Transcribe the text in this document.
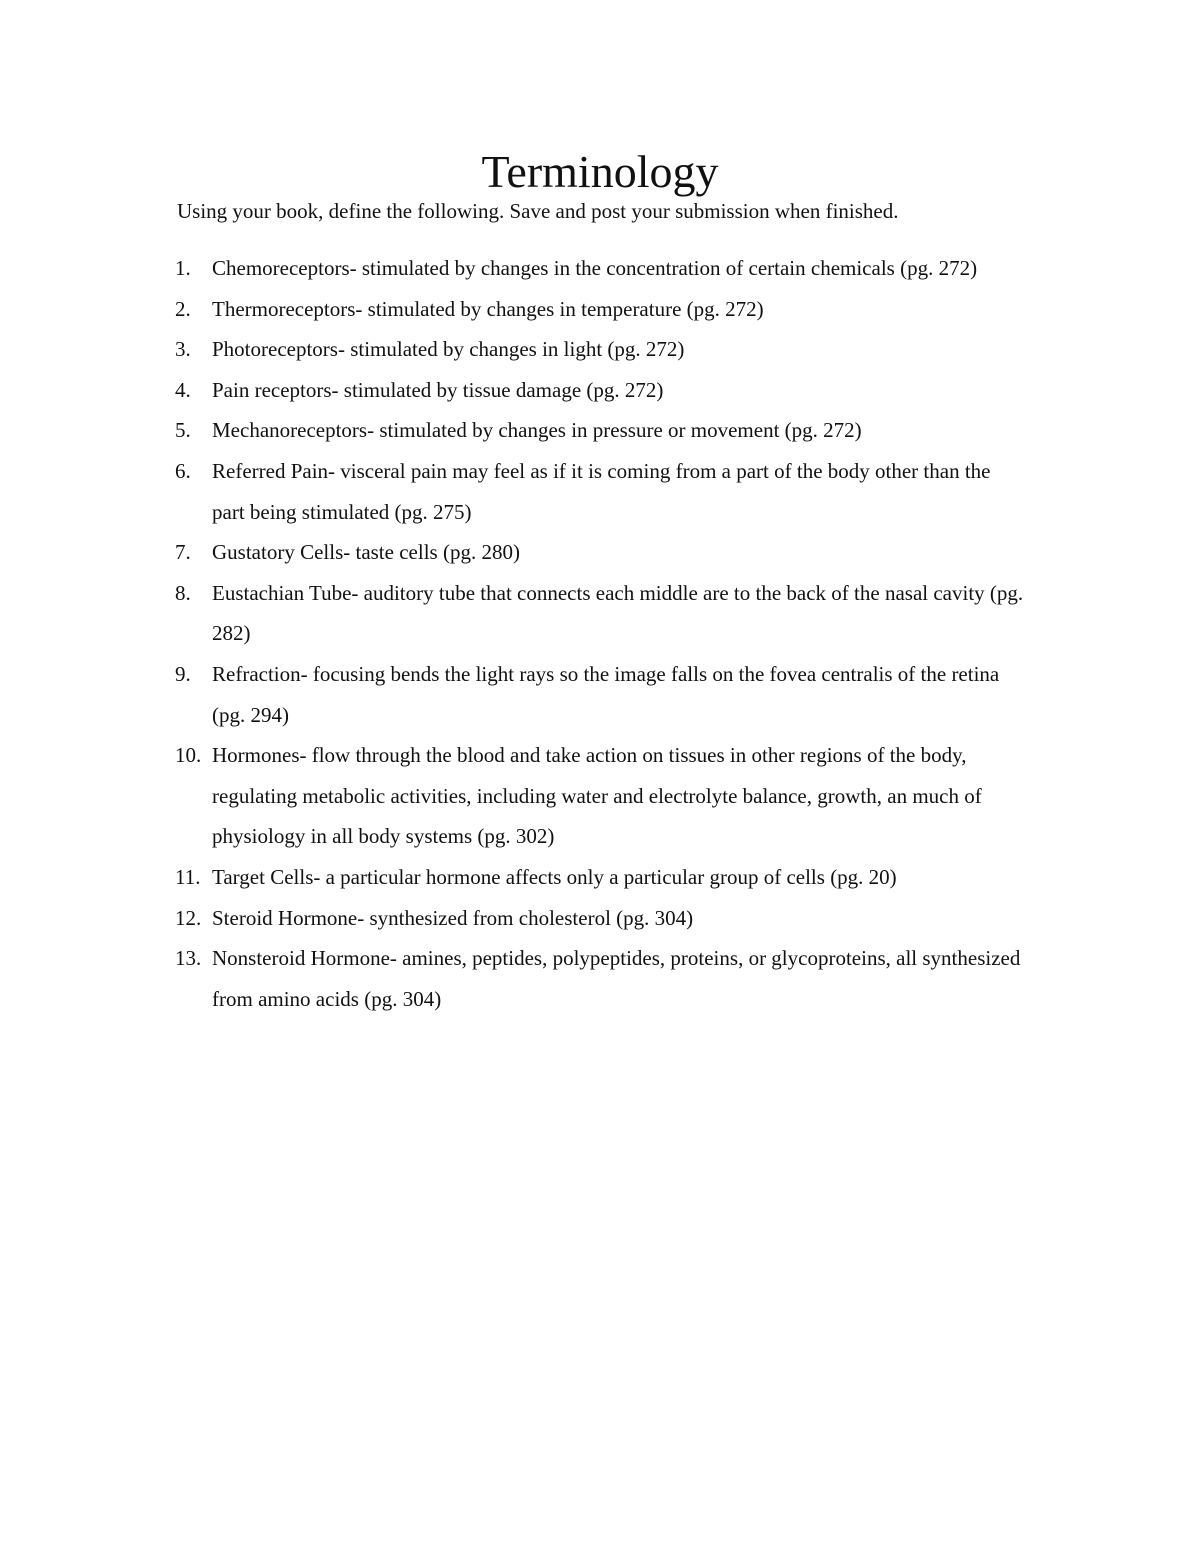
Terminology

Using your book, define the following. Save and post your submission when finished.

1. Chemoreceptors- stimulated by changes in the concentration of certain chemicals (pg. 272)
2. Thermoreceptors- stimulated by changes in temperature (pg. 272)
3. Photoreceptors- stimulated by changes in light (pg. 272)
4. Pain receptors- stimulated by tissue damage (pg. 272)
5. Mechanoreceptors- stimulated by changes in pressure or movement (pg. 272)
6. Referred Pain- visceral pain may feel as if it is coming from a part of the body other than the part being stimulated (pg. 275)
7. Gustatory Cells- taste cells (pg. 280)
8. Eustachian Tube- auditory tube that connects each middle are to the back of the nasal cavity (pg. 282)
9. Refraction- focusing bends the light rays so the image falls on the fovea centralis of the retina (pg. 294)
10. Hormones- flow through the blood and take action on tissues in other regions of the body, regulating metabolic activities, including water and electrolyte balance, growth, an much of physiology in all body systems (pg. 302)
11. Target Cells- a particular hormone affects only a particular group of cells (pg. 20)
12. Steroid Hormone- synthesized from cholesterol (pg. 304)
13. Nonsteroid Hormone- amines, peptides, polypeptides, proteins, or glycoproteins, all synthesized from amino acids (pg. 304)
